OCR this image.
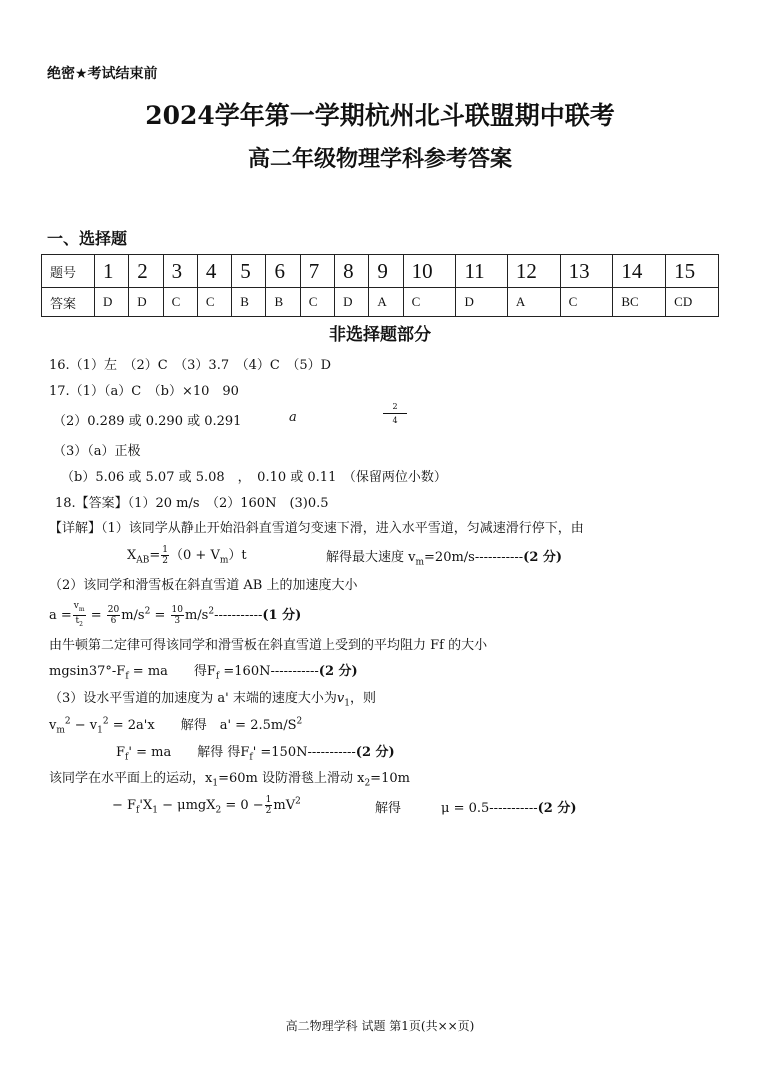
绝密★考试结束前
2024学年第一学期杭州北斗联盟期中联考
高二年级物理学科参考答案
一、选择题
题号	1	2	3	4	5	6	7	8	9	10	11	12	13	14	15
答案	D	D	C	C	B	B	C	D	A	C	D	A	C	BC	CD
非选择题部分
16.（1）左　（2）C　（3）3.7　（4）C　（5）D
17.（1）（a）C　（b）×10　90
（2）0.289 或 0.290 或 0.291	a	$\frac{2}{4}$
（3）（a）正极
（b）5.06 或 5.07 或 5.08　，　0.10 或 0.11　（保留两位小数）
18.【答案】（1）20 m/s　（2）160N　(3)0.5
【详解】（1）该同学从静止开始沿斜直雪道匀变速下滑，进入水平雪道，匀减速滑行停下，由
$X_{AB}= \frac{1}{2} (0 + V_m)t$	解得最大速度 $v_m=20m/s-----------(2$ 分)
（2）该同学和滑雪板在斜直雪道 AB 上的加速度大小
$a = \frac{v_m}{t_2} = \frac{20}{6} m/s^2 = \frac{10}{3} m/s^2-----------(1$ 分)
由牛顿第二定律可得该同学和滑雪板在斜直雪道上受到的平均阻力 Ff 的大小
$mgsin37^\circ-F_f$ = ma　　得$F_f =160N-----------(2$ 分)
（3）设水平雪道的加速度为 a' 末端的速度大小为$v_1$，则
$v_m^2 - v_1^2 = 2a'x$　　解得　$a' = 2.5m/S^2$
$F_f'$ = ma　　解得 得$F_f' =150N-----------(2$ 分)
该同学在水平面上的运动，$x_1=60m$ 设防滑毯上滑动 $x_2=10m$
− $F_f'X_1 - \mu mgX_2 = 0 - \frac{1}{2} mV^2$	解得	μ = 0.5-----------(2 分)
高二物理学科 试题 第1页(共××页)
